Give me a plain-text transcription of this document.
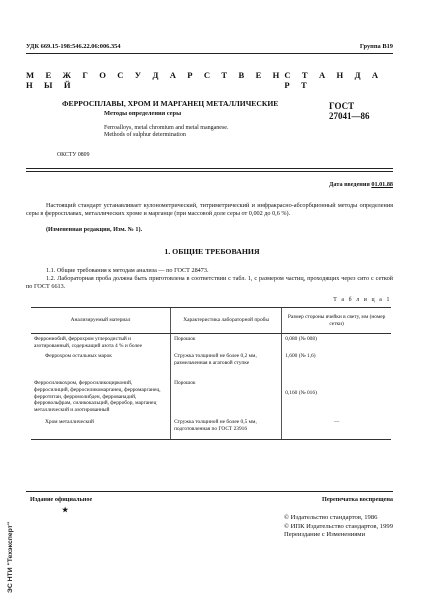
УДК 669.15-198:546.22.06:006.354	Группа В19
М Е Ж Г О С У Д А Р С Т В Е Н Н Ы Й
С Т А Н Д А Р Т
ФЕРРОСПЛАВЫ, ХРОМ И МАРГАНЕЦ МЕТАЛЛИЧЕСКИЕ
Методы определения серы
Ferroalloys, metal chromium and metal manganese.
Methods of sulphur determination
ГОСТ
27041—86
ОКСТУ 0809
Дата введения 01.01.88

Настоящий стандарт устанавливает кулонометрический, титриметрический и инфракрасно-абсорбционный методы определения серы в ферросплавах, металлических хроме и марганце (при массовой доле серы от 0,002 до 0,6 %).

(Измененная редакция, Изм. № 1).

1. ОБЩИЕ ТРЕБОВАНИЯ

1.1. Общие требования к методам анализа — по ГОСТ 28473.

1.2. Лабораторная проба должна быть приготовлена в соответствии с табл. 1, с размером частиц, проходящих через сито с сеткой по ГОСТ 6613.

Т а б л и ц а 1
Анализируемый материал	Характеристика лабораторной пробы	Размер стороны ячейки в свету, мм (номер сетки)
Феррониобий, феррохром углеродистый и азотированный, содержащий азота 4 % и более	Порошок	0,080 (№ 008)
Феррохром остальных марок	Стружка толщиной не более 0,2 мм, размельченная в агатовой ступке	1,600 (№ 1,6)
Ферросиликохром, ферросиликоцирконий, ферросилиций, ферросиликомарганец, ферромарганец, ферротитан, ферромолибден, феррованадий, ферровольфрам, силикокальций, ферробор, марганец металлический и азотированный	Порошок	0,160 (№ 016)
Хром металлический	Стружка толщиной не более 0,5 мм, подготовленная по ГОСТ 23916	—
Издание официальное
★
Перепечатка воспрещена
© Издательство стандартов, 1986
© ИПК Издательство стандартов, 1999
Переиздание с Изменениями
ЭС НТИ "Техэксперт"
